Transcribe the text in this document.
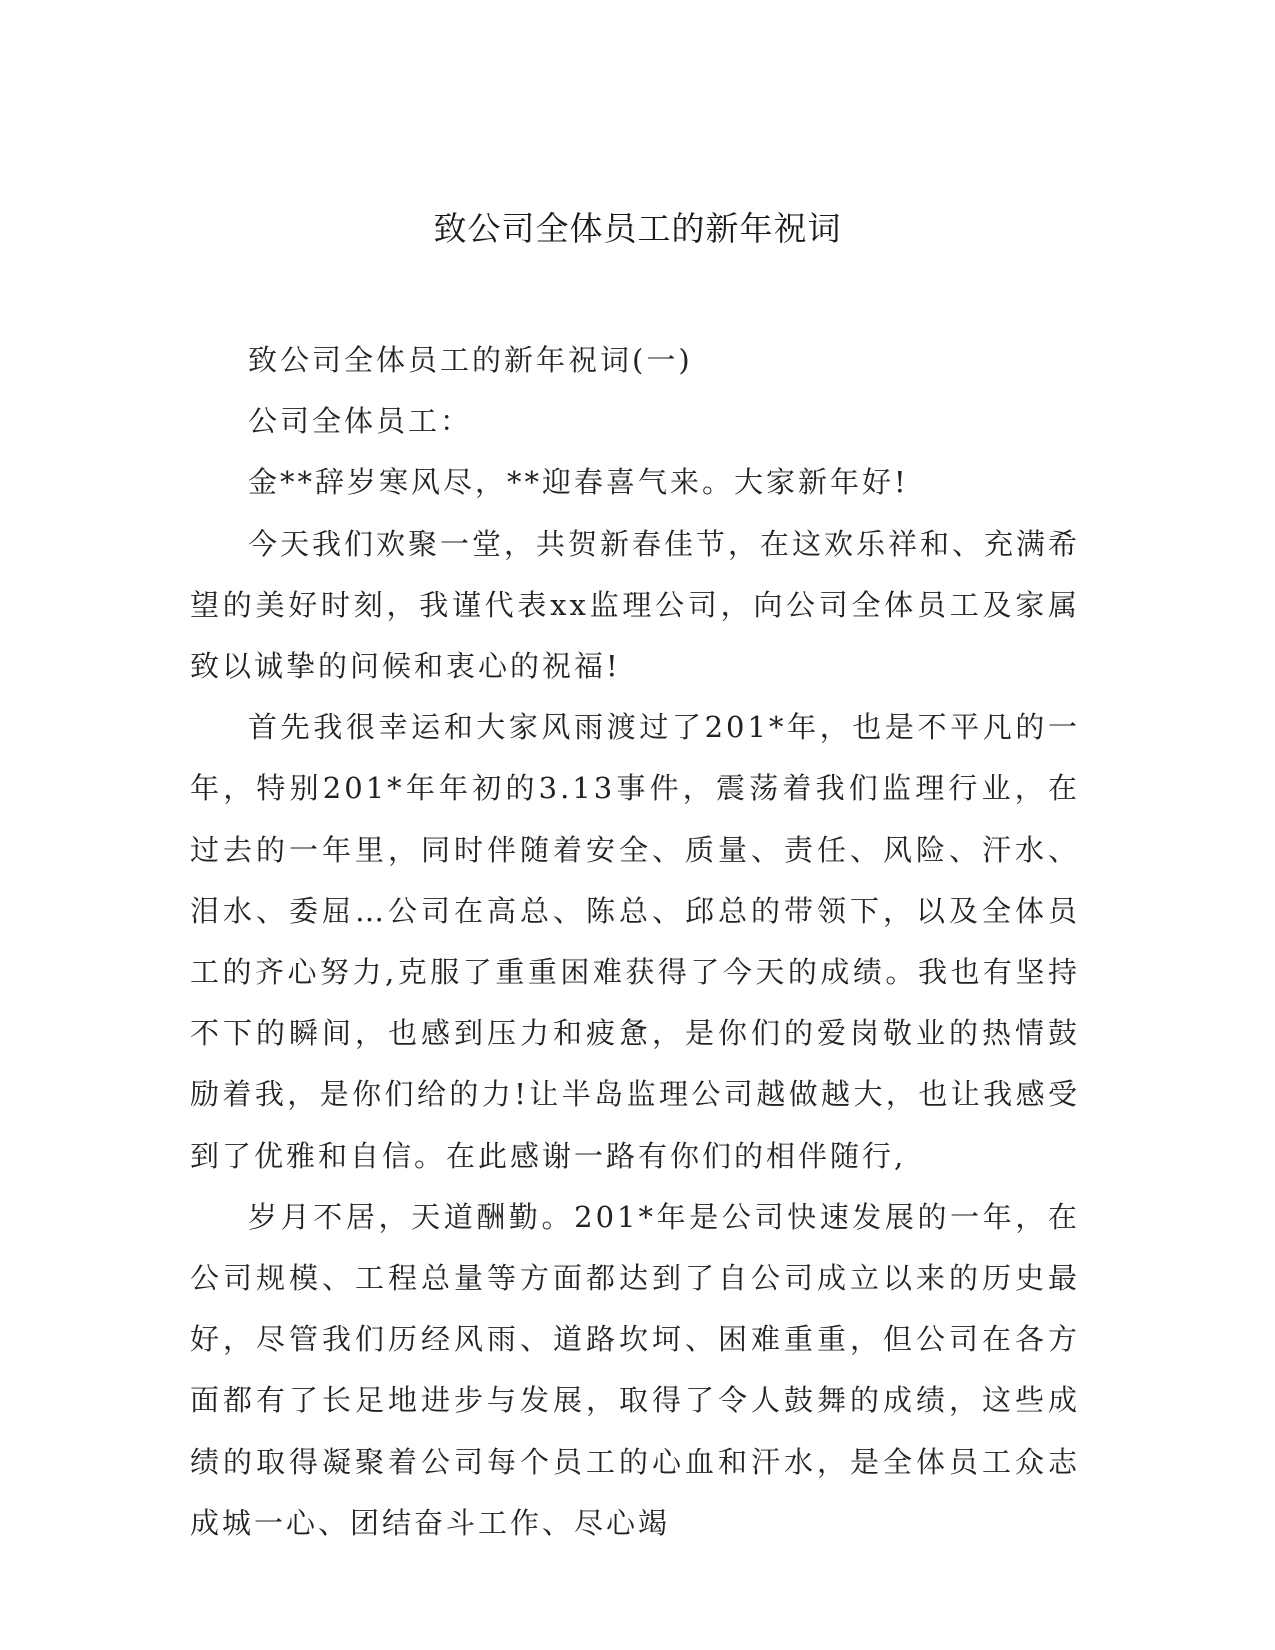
致公司全体员工的新年祝词

致公司全体员工的新年祝词(一)

公司全体员工：

金**辞岁寒风尽，**迎春喜气来。大家新年好!

今天我们欢聚一堂，共贺新春佳节，在这欢乐祥和、充满希望的美好时刻，我谨代表xx监理公司，向公司全体员工及家属致以诚挚的问候和衷心的祝福!

首先我很幸运和大家风雨渡过了201*年，也是不平凡的一年，特别201*年年初的3.13事件，震荡着我们监理行业，在过去的一年里，同时伴随着安全、质量、责任、风险、汗水、泪水、委屈…公司在高总、陈总、邱总的带领下，以及全体员工的齐心努力,克服了重重困难获得了今天的成绩。我也有坚持不下的瞬间，也感到压力和疲惫，是你们的爱岗敬业的热情鼓励着我，是你们给的力!让半岛监理公司越做越大，也让我感受到了优雅和自信。在此感谢一路有你们的相伴随行,

岁月不居，天道酬勤。201*年是公司快速发展的一年，在公司规模、工程总量等方面都达到了自公司成立以来的历史最好，尽管我们历经风雨、道路坎坷、困难重重，但公司在各方面都有了长足地进步与发展，取得了令人鼓舞的成绩，这些成绩的取得凝聚着公司每个员工的心血和汗水，是全体员工众志成城一心、团结奋斗工作、尽心竭
